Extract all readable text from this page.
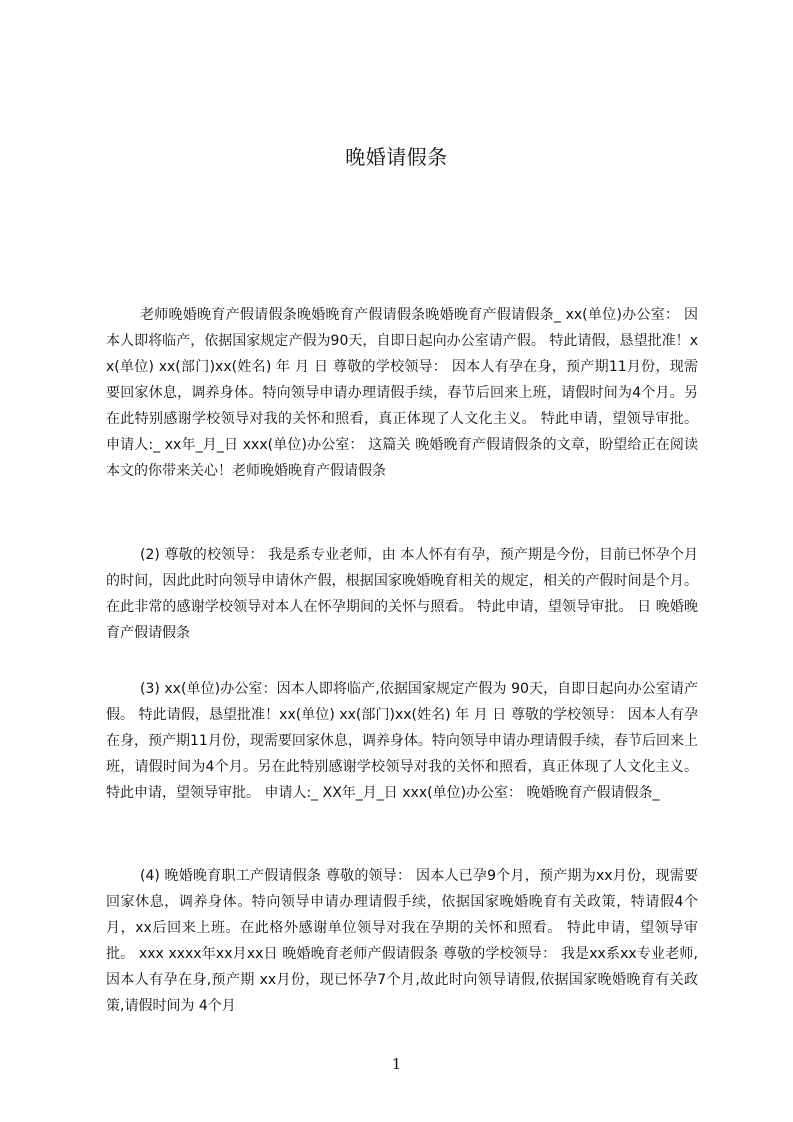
晚婚请假条

老师晚婚晚育产假请假条晚婚晚育产假请假条晚婚晚育产假请假条_ xx(单位)办公室： 因本人即将临产，依据国家规定产假为90天，自即日起向办公室请产假。 特此请假，恳望批准！xx(单位) xx(部门)xx(姓名) 年 月 日 尊敬的学校领导： 因本人有孕在身，预产期11月份，现需要回家休息，调养身体。特向领导申请办理请假手续，春节后回来上班，请假时间为4个月。另在此特别感谢学校领导对我的关怀和照看，真正体现了人文化主义。 特此申请，望领导审批。 申请人:_ xx年_月_日 xxx(单位)办公室： 这篇关 晚婚晚育产假请假条的文章，盼望给正在阅读本文的你带来关心！老师晚婚晚育产假请假条

(2) 尊敬的校领导： 我是系专业老师，由 本人怀有有孕，预产期是今份，目前已怀孕个月的时间，因此此时向领导申请休产假，根据国家晚婚晚育相关的规定，相关的产假时间是个月。 在此非常的感谢学校领导对本人在怀孕期间的关怀与照看。 特此申请，望领导审批。 日 晚婚晚育产假请假条

(3) xx(单位)办公室：因本人即将临产,依据国家规定产假为 90天，自即日起向办公室请产假。 特此请假，恳望批准！xx(单位) xx(部门)xx(姓名) 年 月 日 尊敬的学校领导： 因本人有孕在身，预产期11月份，现需要回家休息，调养身体。特向领导申请办理请假手续，春节后回来上班，请假时间为4个月。另在此特别感谢学校领导对我的关怀和照看，真正体现了人文化主义。 特此申请，望领导审批。 申请人:_ XX年_月_日 xxx(单位)办公室： 晚婚晚育产假请假条_

(4) 晚婚晚育职工产假请假条 尊敬的领导： 因本人已孕9个月，预产期为xx月份，现需要回家休息，调养身体。特向领导申请办理请假手续，依据国家晚婚晚育有关政策，特请假4个月，xx后回来上班。在此格外感谢单位领导对我在孕期的关怀和照看。 特此申请，望领导审批。 xxx xxxx年xx月xx日 晚婚晚育老师产假请假条 尊敬的学校领导： 我是xx系xx专业老师,因本人有孕在身,预产期 xx月份，现已怀孕7个月,故此时向领导请假,依据国家晚婚晚育有关政策,请假时间为 4个月

1
